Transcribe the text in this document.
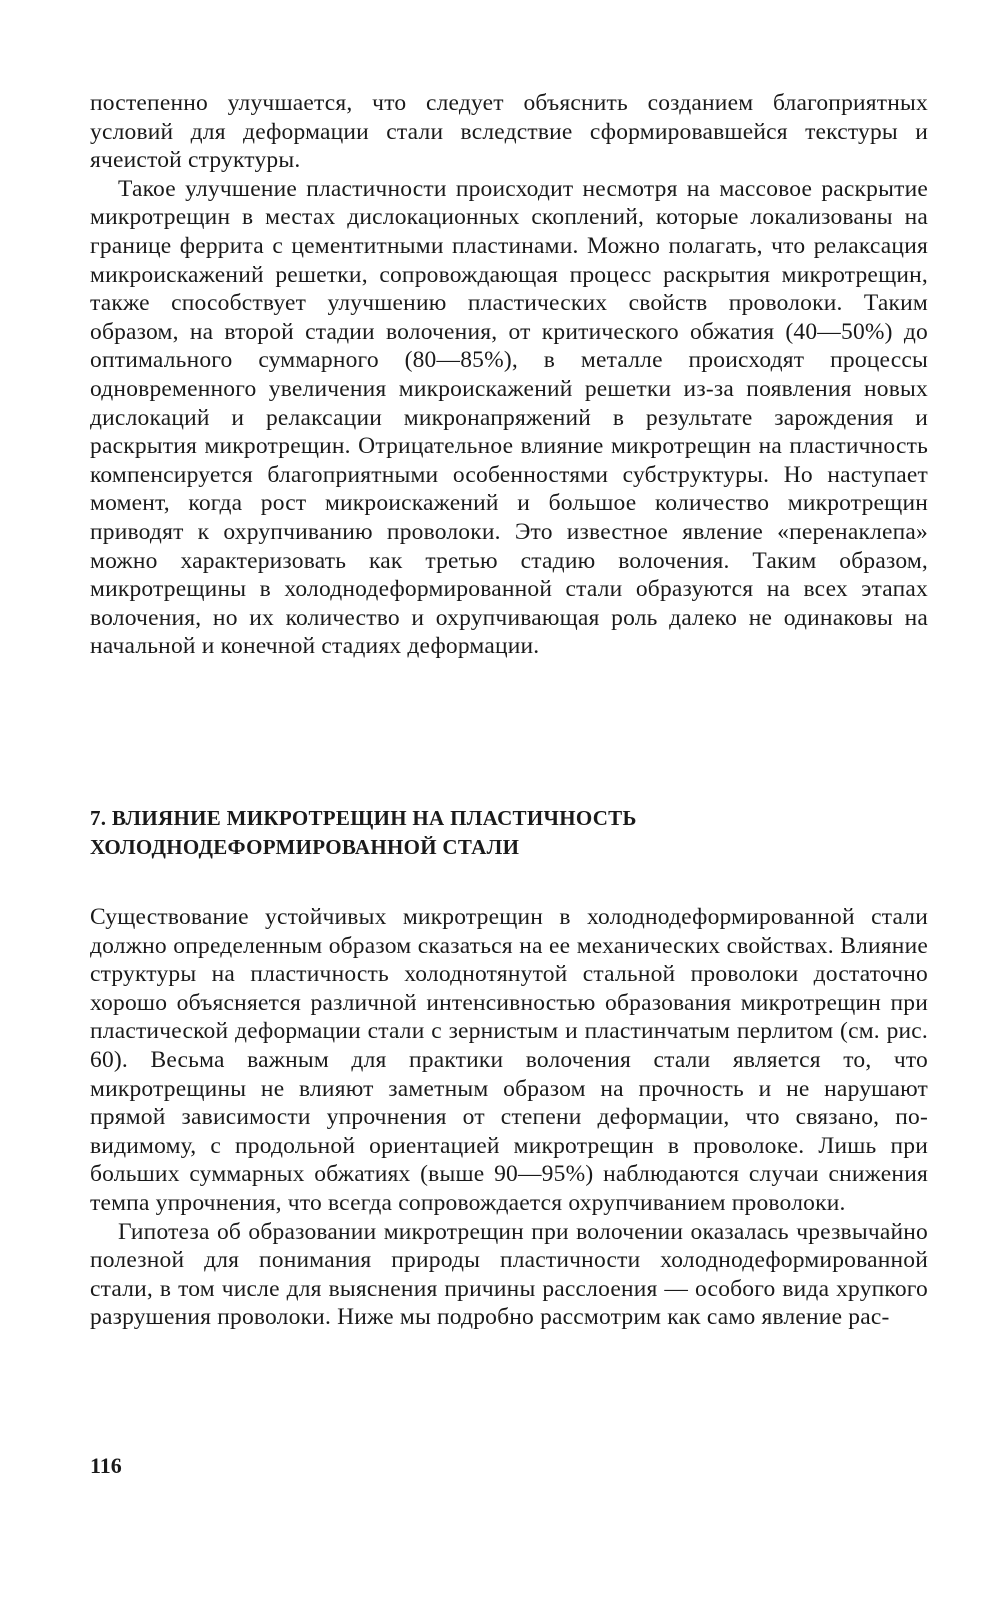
постепенно улучшается, что следует объяснить созданием благоприятных условий для деформации стали вследствие сформировавшейся текстуры и ячеистой структуры.

Такое улучшение пластичности происходит несмотря на массовое раскрытие микротрещин в местах дислокационных скоплений, которые локализованы на границе феррита с цементитными пластинами. Можно полагать, что релаксация микроискажений решетки, сопровождающая процесс раскрытия микротрещин, также способствует улучшению пластических свойств проволоки. Таким образом, на второй стадии волочения, от критического обжатия (40—50%) до оптимального суммарного (80—85%), в металле происходят процессы одновременного увеличения микроискажений решетки из-за появления новых дислокаций и релаксации микронапряжений в результате зарождения и раскрытия микротрещин. Отрицательное влияние микротрещин на пластичность компенсируется благоприятными особенностями субструктуры. Но наступает момент, когда рост микроискажений и большое количество микротрещин приводят к охрупчиванию проволоки. Это известное явление «перенаклепа» можно характеризовать как третью стадию волочения. Таким образом, микротрещины в холоднодеформированной стали образуются на всех этапах волочения, но их количество и охрупчивающая роль далеко не одинаковы на начальной и конечной стадиях деформации.

7. ВЛИЯНИЕ МИКРОТРЕЩИН НА ПЛАСТИЧНОСТЬ
ХОЛОДНОДЕФОРМИРОВАННОЙ СТАЛИ

Существование устойчивых микротрещин в холоднодеформированной стали должно определенным образом сказаться на ее механических свойствах. Влияние структуры на пластичность холоднотянутой стальной проволоки достаточно хорошо объясняется различной интенсивностью образования микротрещин при пластической деформации стали с зернистым и пластинчатым перлитом (см. рис. 60). Весьма важным для практики волочения стали является то, что микротрещины не влияют заметным образом на прочность и не нарушают прямой зависимости упрочнения от степени деформации, что связано, по-видимому, с продольной ориентацией микротрещин в проволоке. Лишь при больших суммарных обжатиях (выше 90—95%) наблюдаются случаи снижения темпа упрочнения, что всегда сопровождается охрупчиванием проволоки.

Гипотеза об образовании микротрещин при волочении оказалась чрезвычайно полезной для понимания природы пластичности холоднодеформированной стали, в том числе для выяснения причины расслоения — особого вида хрупкого разрушения проволоки. Ниже мы подробно рассмотрим как само явление рас-

116
